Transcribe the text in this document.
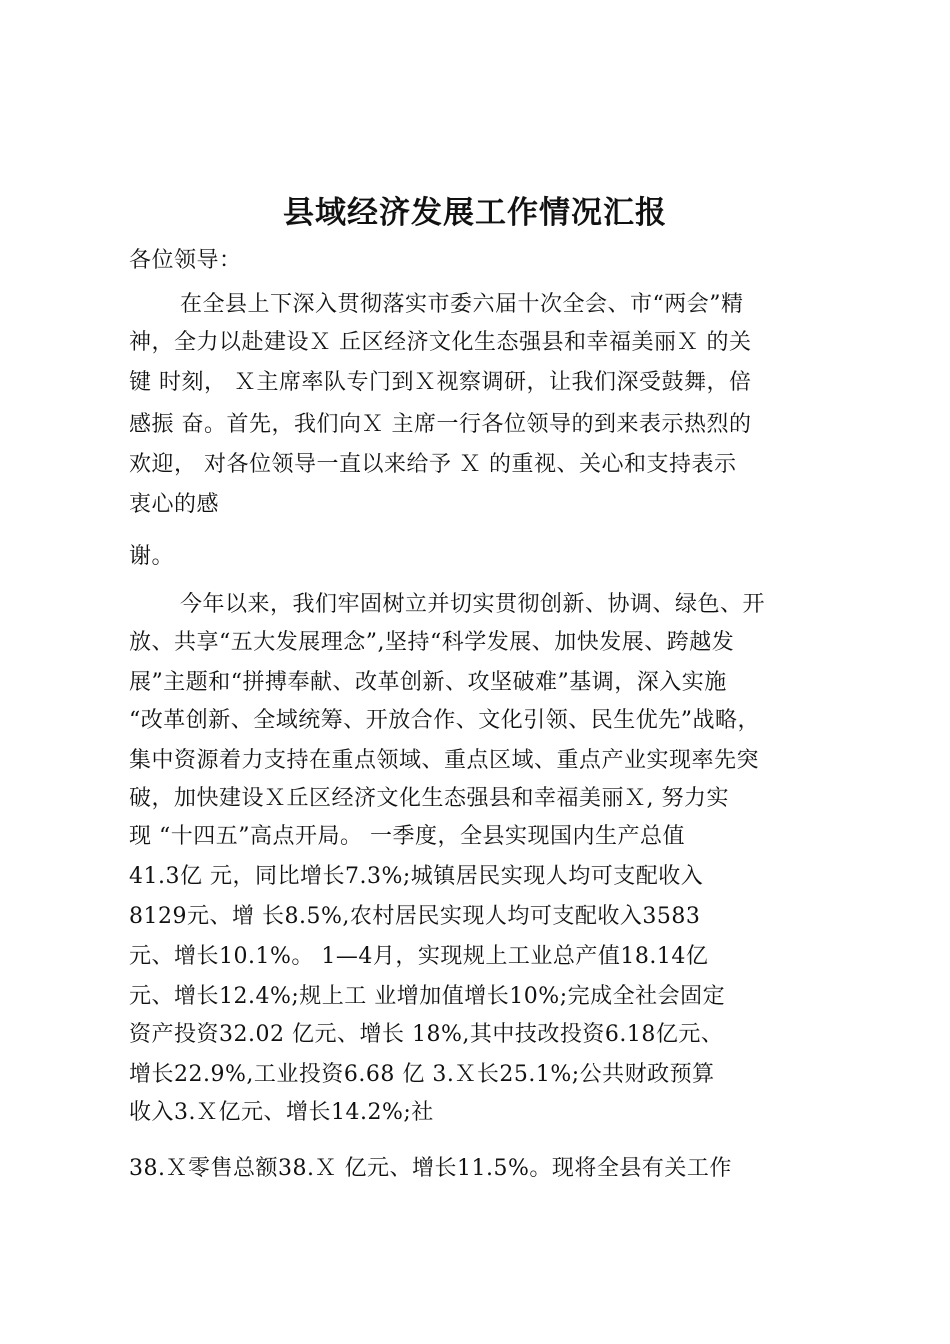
县域经济发展工作情况汇报
各位领导：
在全县上下深入贯彻落实市委六届十次全会、市“两会”精
神，全力以赴建设Ｘ 丘区经济文化生态强县和幸福美丽Ｘ 的关
键 时刻， Ｘ主席率队专门到Ｘ视察调研，让我们深受鼓舞，倍
感振 奋。首先，我们向Ｘ 主席一行各位领导的到来表示热烈的
欢迎， 对各位领导一直以来给予 Ｘ 的重视、关心和支持表示
衷心的感
谢。
今年以来，我们牢固树立并切实贯彻创新、协调、绿色、开
放、共享“五大发展理念”,坚持“科学发展、加快发展、跨越发
展”主题和“拼搏奉献、改革创新、攻坚破难”基调，深入实施
“改革创新、全域统筹、开放合作、文化引领、民生优先”战略，
集中资源着力支持在重点领域、重点区域、重点产业实现率先突
破，加快建设Ｘ丘区经济文化生态强县和幸福美丽Ｘ, 努力实
现 “十四五”高点开局。 一季度，全县实现国内生产总值
41.3亿 元，同比增长7.3%;城镇居民实现人均可支配收入
8129元、增 长8.5%,农村居民实现人均可支配收入3583
元、增长10.1%。 1—4月，实现规上工业总产值18.14亿
元、增长12.4%;规上工 业增加值增长10%;完成全社会固定
资产投资32.02 亿元、增长 18%,其中技改投资6.18亿元、
增长22.9%,工业投资6.68 亿 3.Ｘ长25.1%;公共财政预算
收入3.Ｘ亿元、增长14.2%;社
38.Ｘ零售总额38.Ｘ 亿元、增长11.5%。现将全县有关工作
